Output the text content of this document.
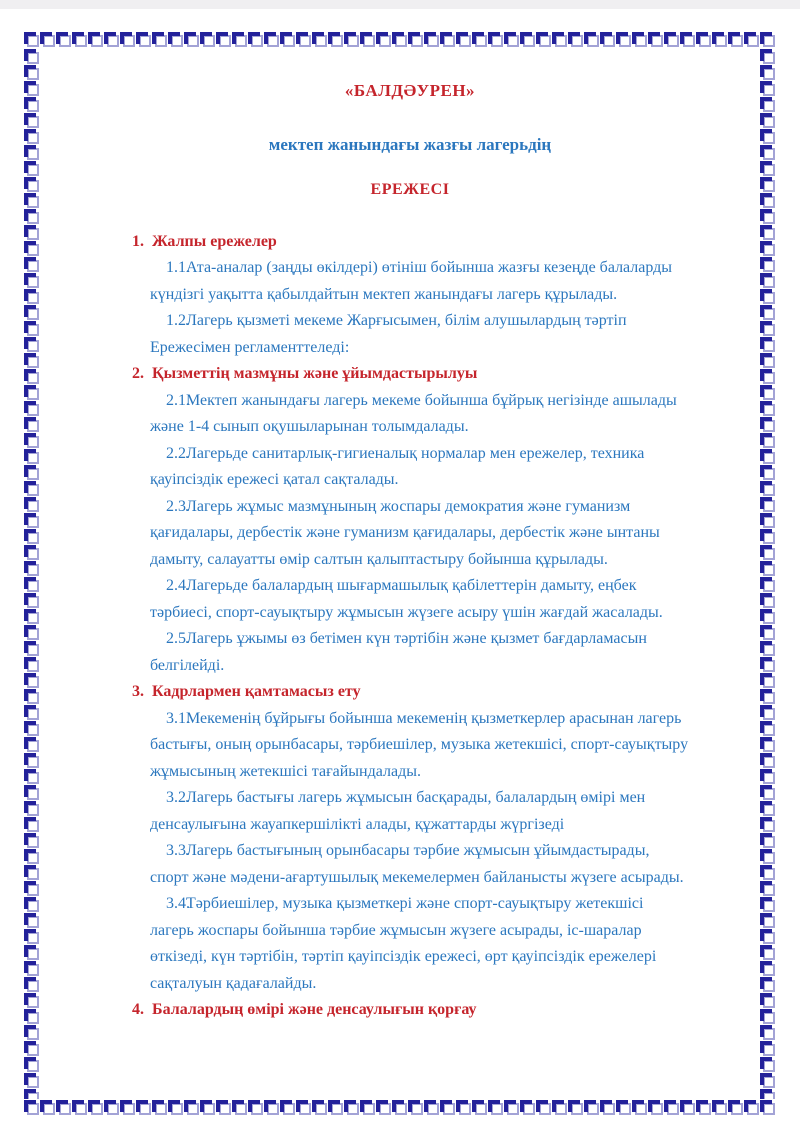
«БАЛДӘУРЕН»

мектеп жанындағы жазғы лагерьдің

ЕРЕЖЕСІ

1. Жалпы ережелер
1.1.
Ата-аналар (заңды өкілдері) өтініш бойынша жазғы кезеңде балаларды күндізгі уақытта қабылдайтын мектеп жанындағы лагерь құрылады.
1.2.
Лагерь қызметі мекеме Жарғысымен, білім алушылардың тәртіп Ережесімен регламенттеледі:
2. Қызметтің мазмұны және ұйымдастырылуы
2.1.
Мектеп жанындағы лагерь мекеме бойынша бұйрық негізінде ашылады және 1-4 сынып оқушыларынан толымдалады.
2.2.
Лагерьде санитарлық-гигиеналық нормалар мен ережелер, техника қауіпсіздік ережесі қатал сақталады.
2.3.
Лагерь жұмыс мазмұнының жоспары демократия және гуманизм қағидалары, дербестік және гуманизм қағидалары, дербестік және ынтаны дамыту, салауатты өмір салтын қалыптастыру бойынша құрылады.
2.4.
Лагерьде балалардың шығармашылық қабілеттерін дамыту, еңбек тәрбиесі, спорт-сауықтыру жұмысын жүзеге асыру үшін жағдай жасалады.
2.5.
Лагерь ұжымы өз бетімен күн тәртібін және қызмет бағдарламасын белгілейді.
3. Кадрлармен қамтамасыз ету
3.1.
Мекеменің бұйрығы бойынша мекеменің қызметкерлер арасынан лагерь бастығы, оның орынбасары, тәрбиешілер, музыка жетекшісі, спорт-сауықтыру жұмысының жетекшісі тағайындалады.
3.2.
Лагерь бастығы лагерь жұмысын басқарады, балалардың өмірі мен денсаулығына жауапкершілікті алады, құжаттарды жүргізеді
3.3.
Лагерь бастығының орынбасары тәрбие жұмысын ұйымдастырады, спорт және мәдени-ағартушылық мекемелермен байланысты жүзеге асырады.
3.4.
Тәрбиешілер, музыка қызметкері және спорт-сауықтыру жетекшісі лагерь жоспары бойынша тәрбие жұмысын жүзеге асырады, іс-шаралар өткізеді, күн тәртібін, тәртіп қауіпсіздік ережесі, өрт қауіпсіздік ережелері сақталуын қадағалайды.
4. Балалардың өмірі және денсаулығын қорғау
